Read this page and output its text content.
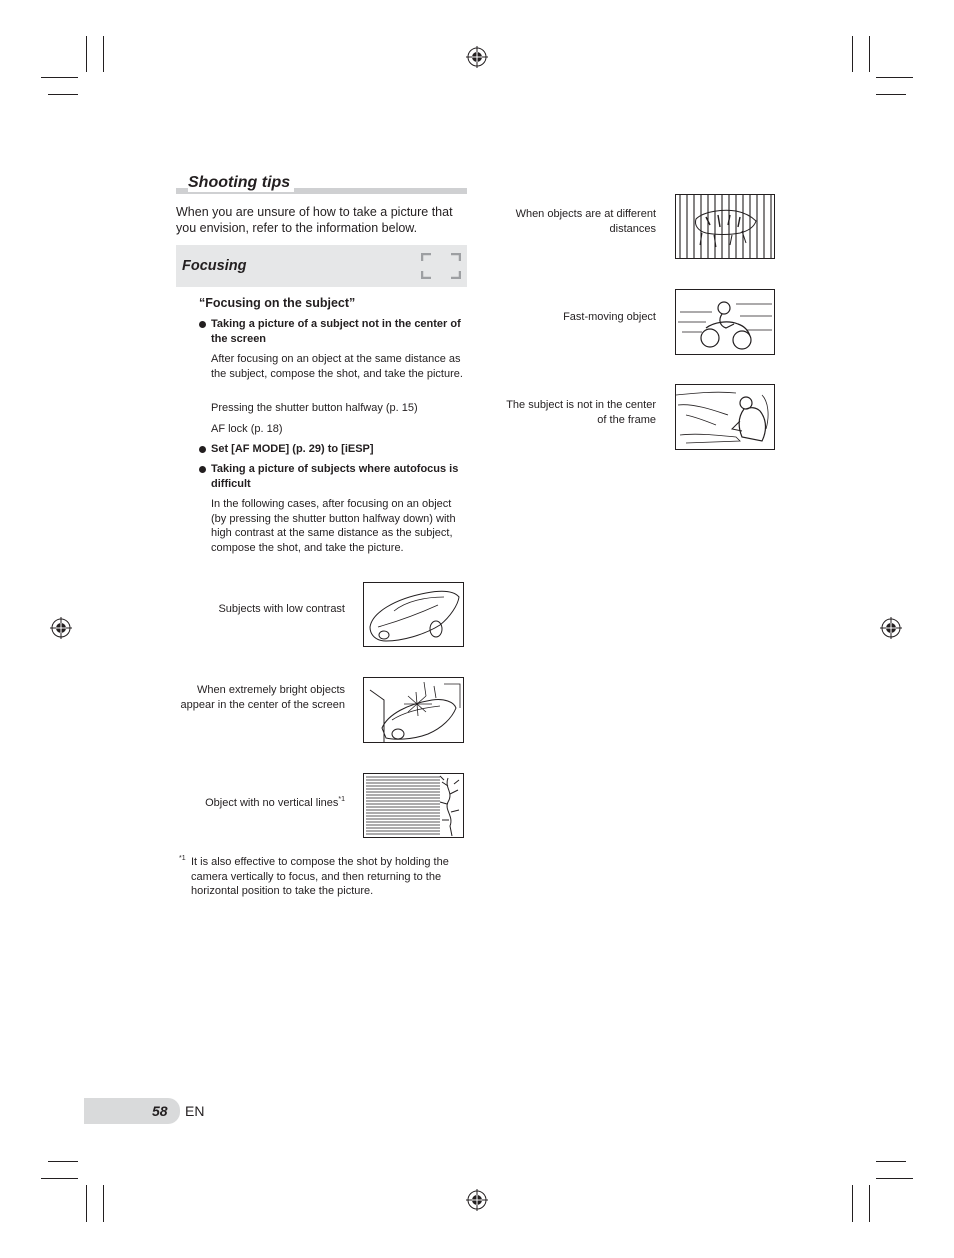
Shooting tips

When you are unsure of how to take a picture that you envision, refer to the information below.

Focusing
“Focusing on the subject”
Taking a picture of a subject not in the center of the screen

After focusing on an object at the same distance as the subject, compose the shot, and take the picture.

Pressing the shutter button halfway (p. 15)

AF lock (p. 18)

Set [AF MODE] (p. 29) to [iESP]
Taking a picture of subjects where autofocus is difficult

In the following cases, after focusing on an object (by pressing the shutter button halfway down) with high contrast at the same distance as the subject, compose the shot, and take the picture.

Subjects with low contrast
When extremely bright objects appear in the center of the screen
Object with no vertical lines$^{*1}$
*1 It is also effective to compose the shot by holding the camera vertically to focus, and then returning to the horizontal position to take the picture.
When objects are at different distances
Fast-moving object
The subject is not in the center of the frame
58 EN
